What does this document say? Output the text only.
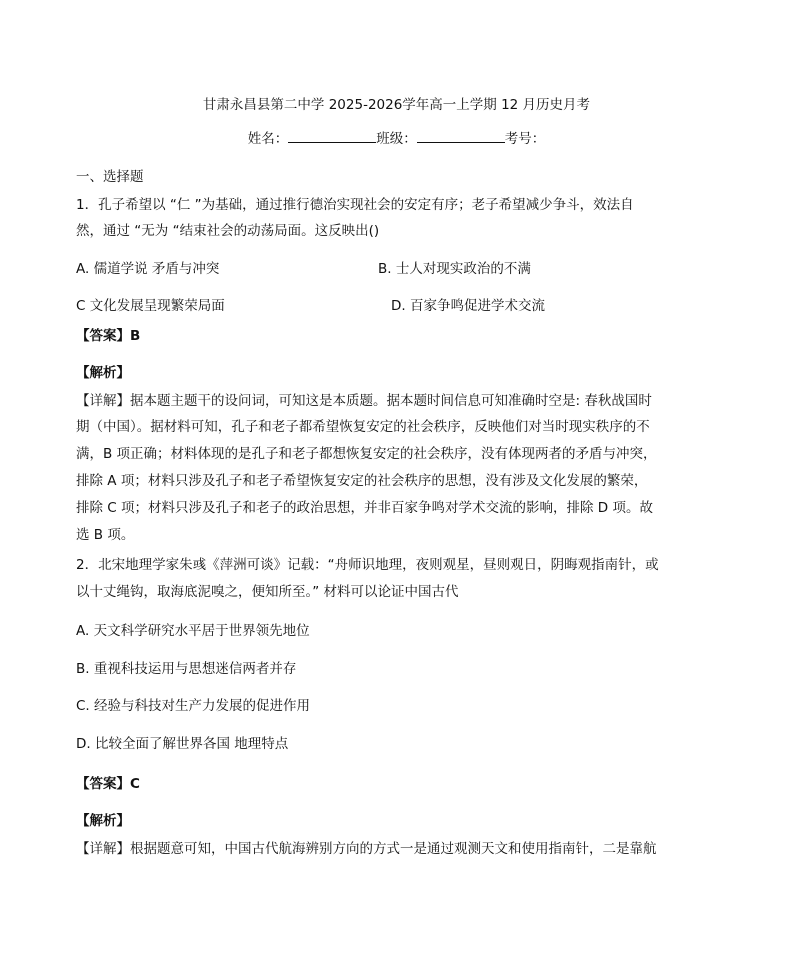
甘肃永昌县第二中学 2025-2026学年高一上学期 12 月历史月考
姓名：	班级：	考号：
一、选择题
1．孔子希望以 “仁 ”为基础，通过推行德治实现社会的安定有序；老子希望减少争斗，效法自
然，通过 “无为 “结束社会的动荡局面。这反映出()
A. 儒道学说 矛盾与冲突	B. 士人对现实政治的不满
C 文化发展呈现繁荣局面	D. 百家争鸣促进学术交流
【答案】B
【解析】
【详解】据本题主题干的设问词，可知这是本质题。据本题时间信息可知准确时空是: 春秋战国时
期（中国）。据材料可知，孔子和老子都希望恢复安定的社会秩序，反映他们对当时现实秩序的不
满，B 项正确；材料体现的是孔子和老子都想恢复安定的社会秩序，没有体现两者的矛盾与冲突，
排除 A 项；材料只涉及孔子和老子希望恢复安定的社会秩序的思想，没有涉及文化发展的繁荣，
排除 C 项；材料只涉及孔子和老子的政治思想，并非百家争鸣对学术交流的影响，排除 D 项。故
选 B 项。
2．北宋地理学家朱彧《萍洲可谈》记载：“舟师识地理，夜则观星，昼则观日，阴晦观指南针，或
以十丈绳钩，取海底泥嗅之，便知所至。” 材料可以论证中国古代
A. 天文科学研究水平居于世界领先地位
B. 重视科技运用与思想迷信两者并存
C. 经验与科技对生产力发展的促进作用
D. 比较全面了解世界各国 地理特点
【答案】C
【解析】
【详解】根据题意可知，中国古代航海辨别方向的方式一是通过观测天文和使用指南针，二是靠航
